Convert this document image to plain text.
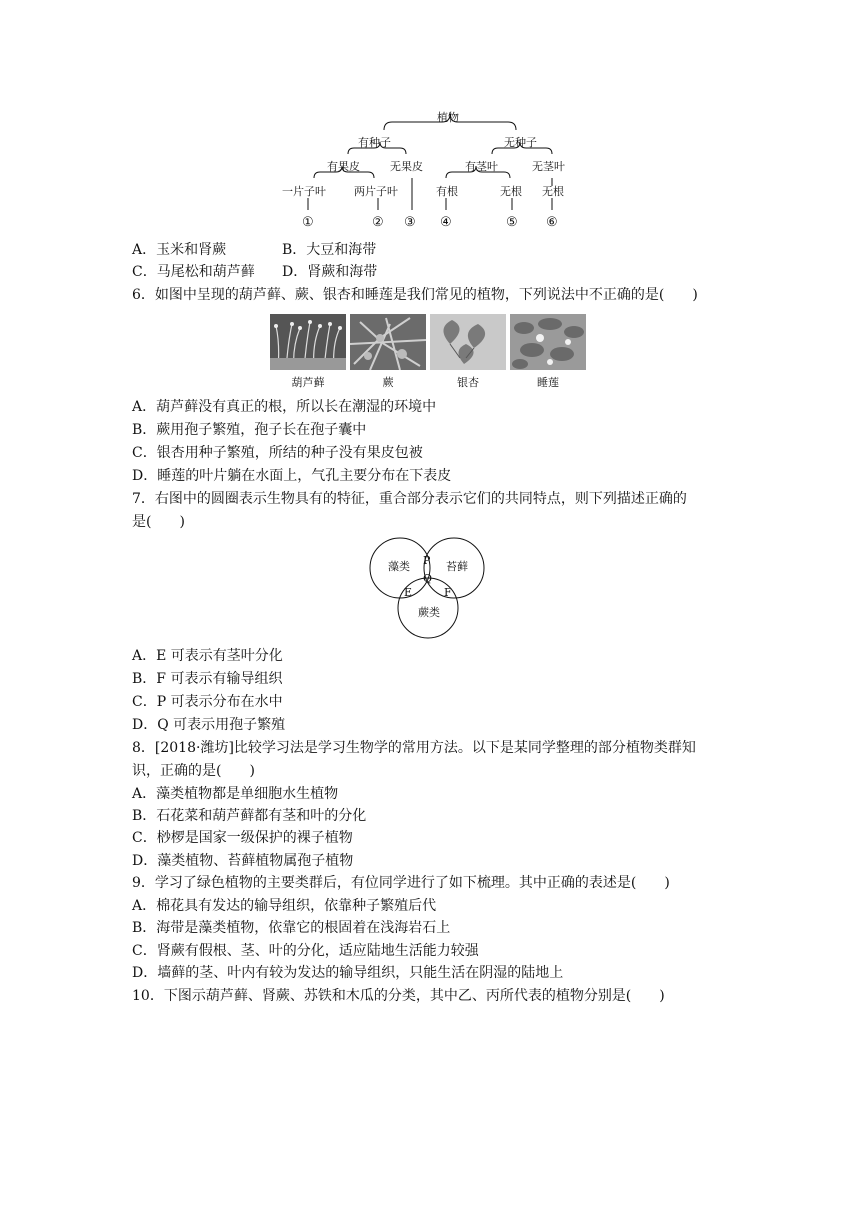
植物
有种子	无种子
有果皮	无果皮	有茎叶	无茎叶
一片子叶	两片子叶	有根	无根 无根
①	② ③ ④	⑤ ⑥
A．玉米和肾蕨	B．大豆和海带
C．马尾松和葫芦藓 D．肾蕨和海带
6．如图中呈现的葫芦藓、蕨、银杏和睡莲是我们常见的植物，下列说法中不正确的是(　　)
葫芦藓	蕨	银杏	睡莲
A．葫芦藓没有真正的根，所以长在潮湿的环境中
B．蕨用孢子繁殖，孢子长在孢子囊中
C．银杏用种子繁殖，所结的种子没有果皮包被
D．睡莲的叶片躺在水面上，气孔主要分布在下表皮
7．右图中的圆圈表示生物具有的特征，重合部分表示它们的共同特点，则下列描述正确的
是(　　)
藻类	苔藓
蕨类
P
Q
E	F
A．E 可表示有茎叶分化
B．F 可表示有输导组织
C．P 可表示分布在水中
D．Q 可表示用孢子繁殖
8．[2018·潍坊]比较学习法是学习生物学的常用方法。以下是某同学整理的部分植物类群知
识，正确的是(　　)
A．藻类植物都是单细胞水生植物
B．石花菜和葫芦藓都有茎和叶的分化
C．桫椤是国家一级保护的裸子植物
D．藻类植物、苔藓植物属孢子植物
9．学习了绿色植物的主要类群后，有位同学进行了如下梳理。其中正确的表述是(　　)
A．棉花具有发达的输导组织，依靠种子繁殖后代
B．海带是藻类植物，依靠它的根固着在浅海岩石上
C．肾蕨有假根、茎、叶的分化，适应陆地生活能力较强
D．墙藓的茎、叶内有较为发达的输导组织，只能生活在阴湿的陆地上
10．下图示葫芦藓、肾蕨、苏铁和木瓜的分类，其中乙、丙所代表的植物分别是(　　)
